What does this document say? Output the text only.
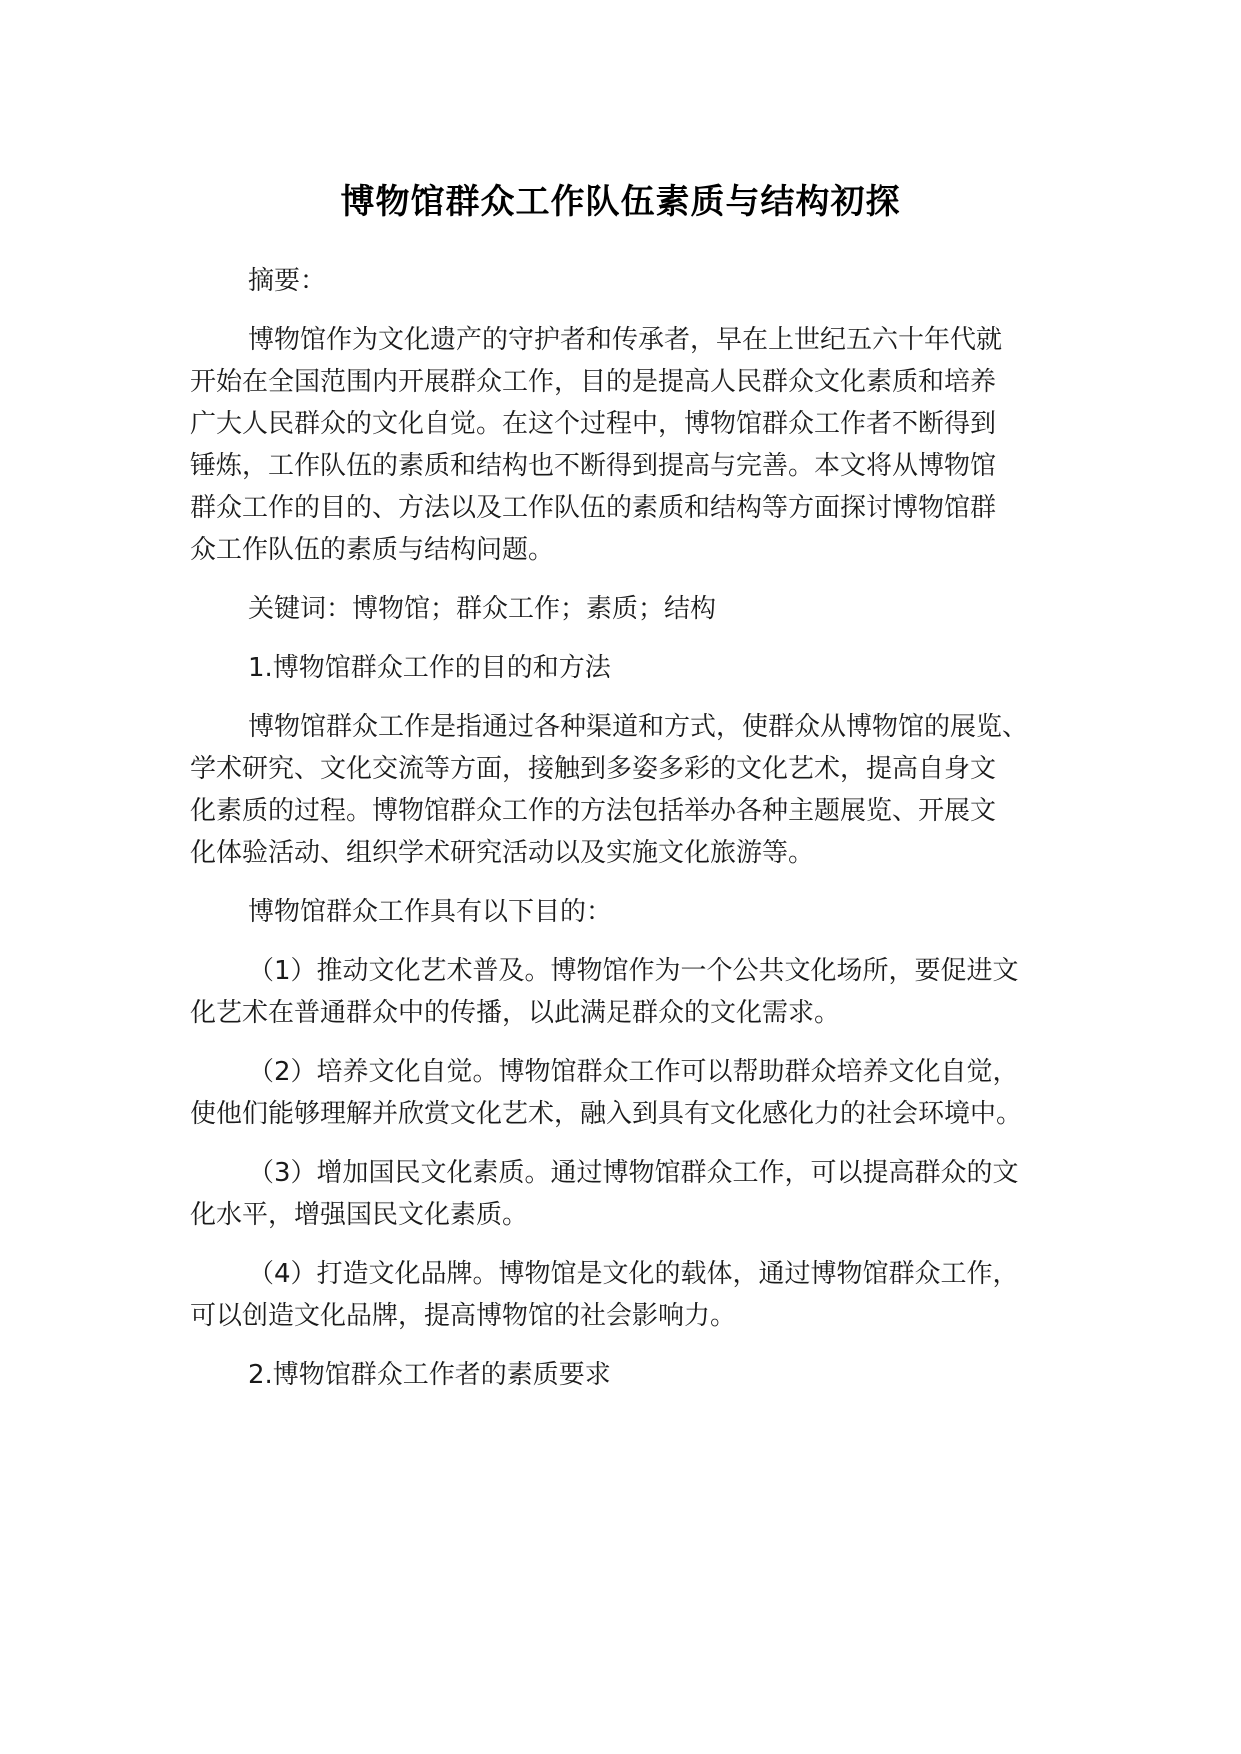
博物馆群众工作队伍素质与结构初探
摘要：
博物馆作为文化遗产的守护者和传承者，早在上世纪五六十年代就
开始在全国范围内开展群众工作，目的是提高人民群众文化素质和培养
广大人民群众的文化自觉。在这个过程中，博物馆群众工作者不断得到
锤炼，工作队伍的素质和结构也不断得到提高与完善。本文将从博物馆
群众工作的目的、方法以及工作队伍的素质和结构等方面探讨博物馆群
众工作队伍的素质与结构问题。
关键词：博物馆；群众工作；素质；结构
1.博物馆群众工作的目的和方法
博物馆群众工作是指通过各种渠道和方式，使群众从博物馆的展览、
学术研究、文化交流等方面，接触到多姿多彩的文化艺术，提高自身文
化素质的过程。博物馆群众工作的方法包括举办各种主题展览、开展文
化体验活动、组织学术研究活动以及实施文化旅游等。
博物馆群众工作具有以下目的：
（1）推动文化艺术普及。博物馆作为一个公共文化场所，要促进文
化艺术在普通群众中的传播，以此满足群众的文化需求。
（2）培养文化自觉。博物馆群众工作可以帮助群众培养文化自觉，
使他们能够理解并欣赏文化艺术，融入到具有文化感化力的社会环境中。
（3）增加国民文化素质。通过博物馆群众工作，可以提高群众的文
化水平，增强国民文化素质。
（4）打造文化品牌。博物馆是文化的载体，通过博物馆群众工作，
可以创造文化品牌，提高博物馆的社会影响力。
2.博物馆群众工作者的素质要求
